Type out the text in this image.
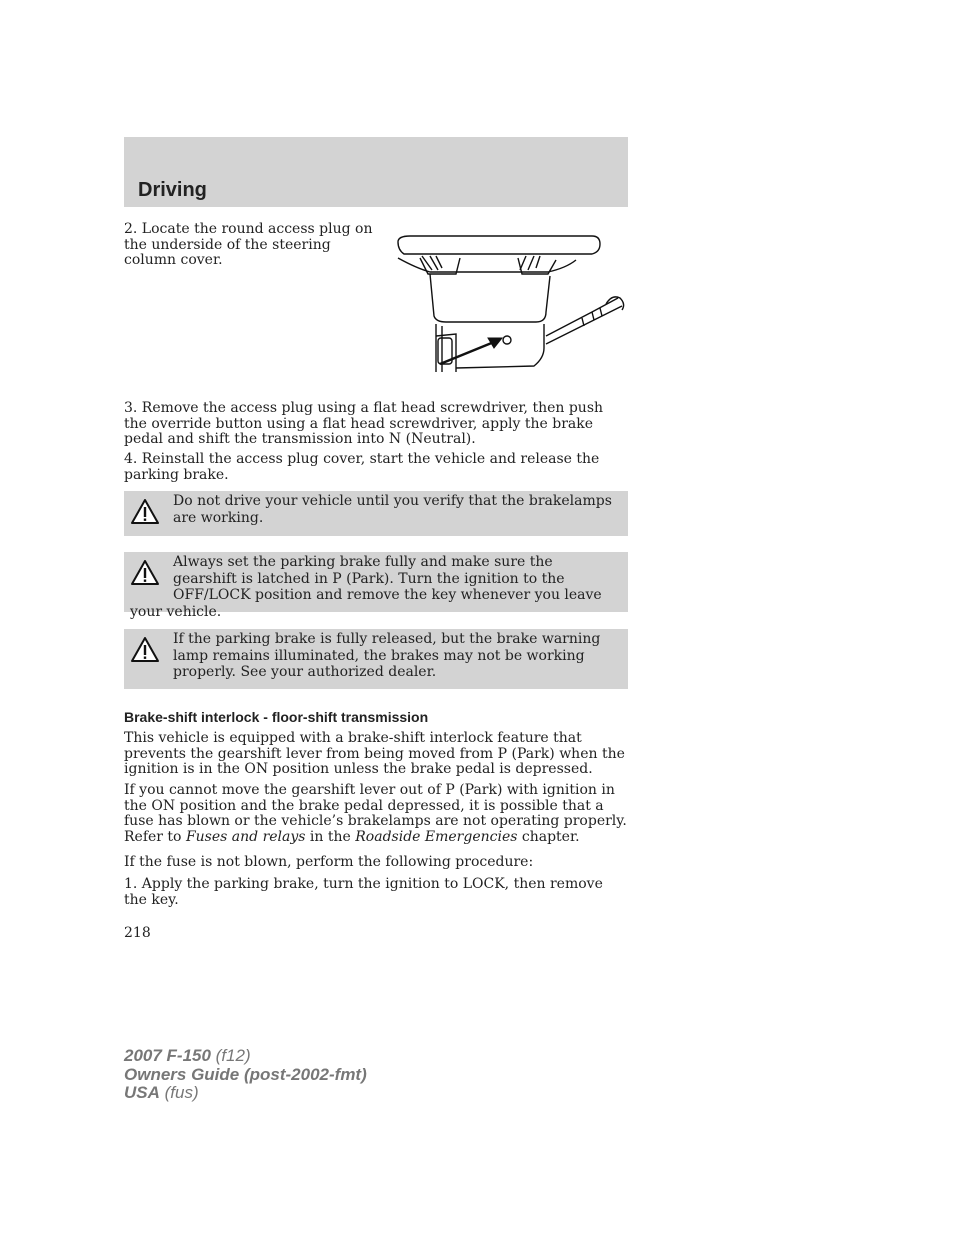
Driving

2. Locate the round access plug on the underside of the steering column cover.

3. Remove the access plug using a flat head screwdriver, then push the override button using a flat head screwdriver, apply the brake pedal and shift the transmission into N (Neutral).

4. Reinstall the access plug cover, start the vehicle and release the parking brake.

Do not drive your vehicle until you verify that the brakelamps are working.
Always set the parking brake fully and make sure the gearshift is latched in P (Park). Turn the ignition to the OFF/LOCK position and remove the key whenever you leave your vehicle.
If the parking brake is fully released, but the brake warning lamp remains illuminated, the brakes may not be working properly. See your authorized dealer.
Brake-shift interlock - floor-shift transmission

This vehicle is equipped with a brake-shift interlock feature that prevents the gearshift lever from being moved from P (Park) when the ignition is in the ON position unless the brake pedal is depressed.

If you cannot move the gearshift lever out of P (Park) with ignition in the ON position and the brake pedal depressed, it is possible that a fuse has blown or the vehicle’s brakelamps are not operating properly. Refer to Fuses and relays in the Roadside Emergencies chapter.

If the fuse is not blown, perform the following procedure:

1. Apply the parking brake, turn the ignition to LOCK, then remove the key.

218
2007 F-150 (f12)
Owners Guide (post-2002-fmt)
USA (fus)
